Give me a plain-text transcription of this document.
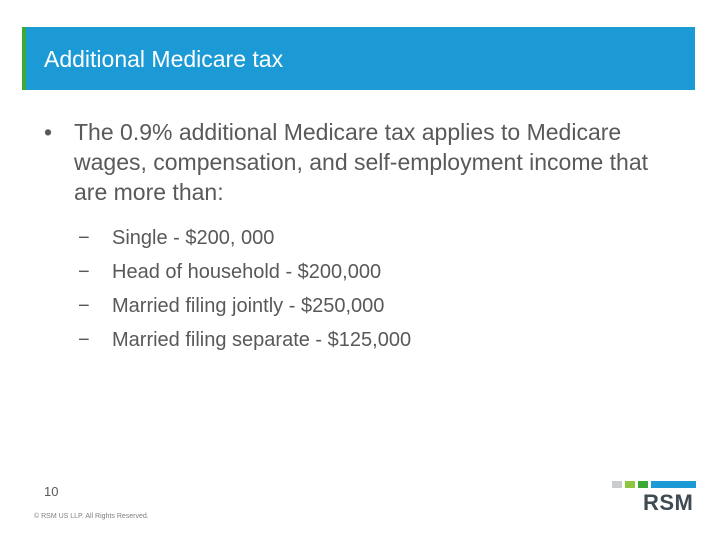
Additional Medicare tax
• The 0.9% additional Medicare tax applies to Medicare wages, compensation, and self-employment income that are more than:
− Single - $200, 000
− Head of household - $200,000
− Married filing jointly - $250,000
− Married filing separate - $125,000
10
© RSM US LLP. All Rights Reserved.
RSM
